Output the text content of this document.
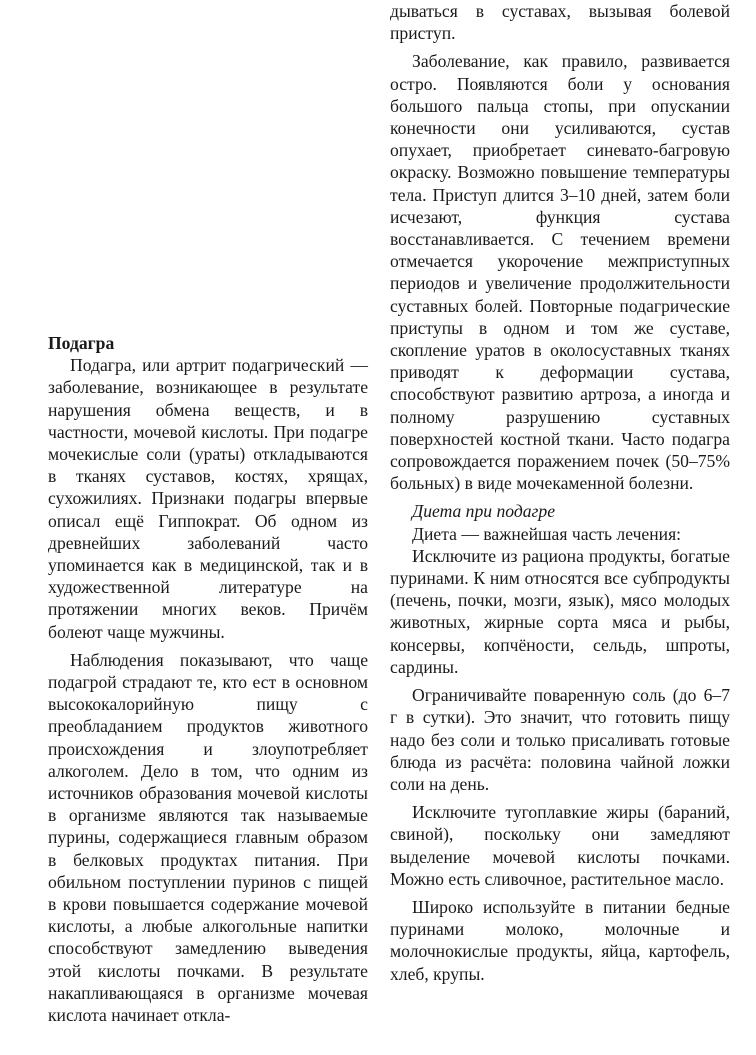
Подагра

Подагра, или артрит подагрический — заболевание, возникающее в результате нарушения обмена веществ, и в частности, мочевой кислоты. При подагре мочекислые соли (ураты) откладываются в тканях суставов, костях, хрящах, сухожилиях. Признаки подагры впервые описал ещё Гиппократ. Об одном из древнейших заболеваний часто упоминается как в медицинской, так и в художественной литературе на протяжении многих веков. Причём болеют чаще мужчины.

Наблюдения показывают, что чаще подагрой страдают те, кто ест в основном высококалорийную пищу с преобладанием продуктов животного происхождения и злоупотребляет алкоголем. Дело в том, что одним из источников образования мочевой кислоты в организме являются так называемые пурины, содержащиеся главным образом в белковых продуктах питания. При обильном поступлении пуринов с пищей в крови повышается содержание мочевой кислоты, а любые алкогольные напитки способствуют замедлению выведения этой кислоты почками. В результате накапливающаяся в организме мочевая кислота начинает откла-

дываться в суставах, вызывая болевой приступ.

Заболевание, как правило, развивается остро. Появляются боли у основания большого пальца стопы, при опускании конечности они усиливаются, сустав опухает, приобретает синевато-багровую окраску. Возможно повышение температуры тела. Приступ длится 3–10 дней, затем боли исчезают, функция сустава восстанавливается. С течением времени отмечается укорочение межприступных периодов и увеличение продолжительности суставных болей. Повторные подагрические приступы в одном и том же суставе, скопление уратов в околосуставных тканях приводят к деформации сустава, способствуют развитию артроза, а иногда и полному разрушению суставных поверхностей костной ткани. Часто подагра сопровождается поражением почек (50–75% больных) в виде мочекаменной болезни.

Диета при подагре

Диета — важнейшая часть лечения:

Исключите из рациона продукты, богатые пуринами. К ним относятся все субпродукты (печень, почки, мозги, язык), мясо молодых животных, жирные сорта мяса и рыбы, консервы, копчёности, сельдь, шпроты, сардины.

Ограничивайте поваренную соль (до 6–7 г в сутки). Это значит, что готовить пищу надо без соли и только присаливать готовые блюда из расчёта: половина чайной ложки соли на день.

Исключите тугоплавкие жиры (бараний, свиной), поскольку они замедляют выделение мочевой кислоты почками. Можно есть сливочное, растительное масло.

Широко используйте в питании бедные пуринами молоко, молочные и молочнокислые продукты, яйца, картофель, хлеб, крупы.
